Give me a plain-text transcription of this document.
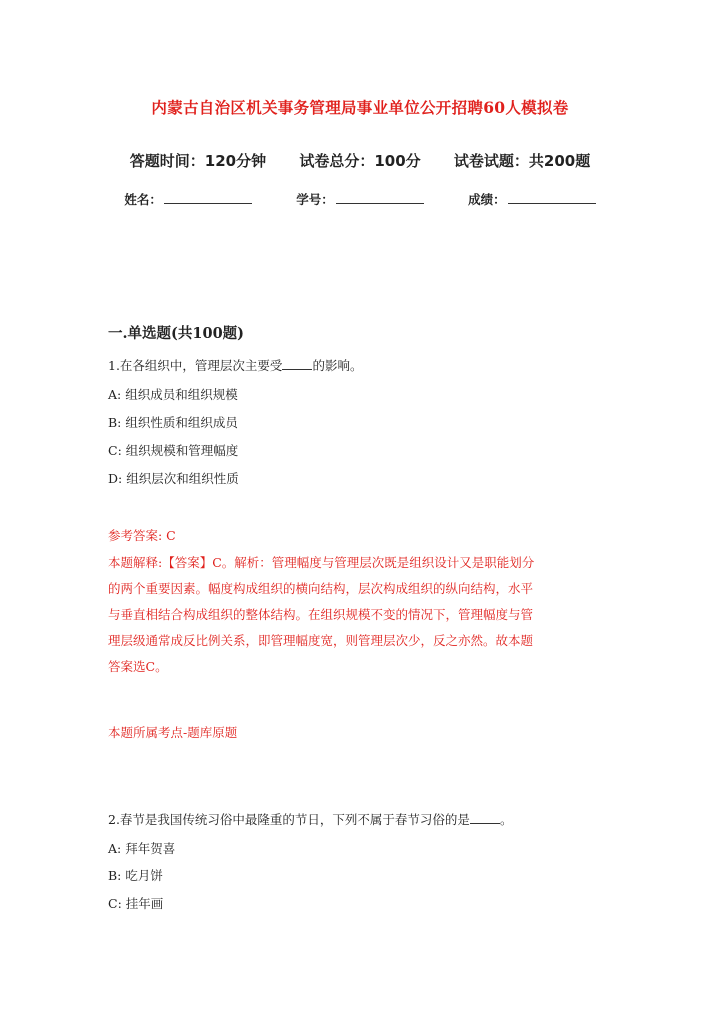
内蒙古自治区机关事务管理局事业单位公开招聘60人模拟卷
答题时间：120分钟 试卷总分：100分 试卷试题：共200题
姓名：	学号：	成绩：
一.单选题(共100题)
1.在各组织中，管理层次主要受 的影响。
A: 组织成员和组织规模
B: 组织性质和组织成员
C: 组织规模和管理幅度
D: 组织层次和组织性质
参考答案: C
本题解释:【答案】C。解析：管理幅度与管理层次既是组织设计又是职能划分
的两个重要因素。幅度构成组织的横向结构，层次构成组织的纵向结构，水平
与垂直相结合构成组织的整体结构。在组织规模不变的情况下，管理幅度与管
理层级通常成反比例关系，即管理幅度宽，则管理层次少，反之亦然。故本题
答案选C。
本题所属考点-题库原题
2.春节是我国传统习俗中最隆重的节日，下列不属于春节习俗的是 。
A: 拜年贺喜
B: 吃月饼
C: 挂年画
